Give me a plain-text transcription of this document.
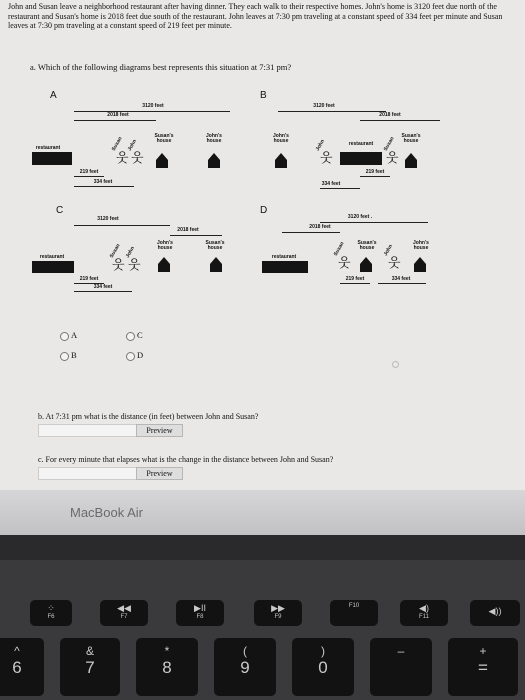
John and Susan leave a neighborhood restaurant after having dinner. They each walk to their respective homes. John's home is 3120 feet due north of the restaurant and Susan's home is 2018 feet due south of the restaurant. John leaves at 7:30 pm traveling at a constant speed of 334 feet per minute and Susan leaves at 7:30 pm traveling at a constant speed of 219 feet per minute.
a. Which of the following diagrams best represents this situation at 7:31 pm?
A
3120 feet
2018 feet
restaurant
Susan's house
John's house
Susan
웃
John
웃
219 feet
334 feet
B
3120 feet
2018 feet
John's house	John
웃
restaurant	Susan
웃
Susan's house
334 feet
219 feet
C
3120 feet
2018 feet
restaurant	Susan
웃
John
웃
John's house
Susan's house
219 feet
334 feet
D
3120 feet .
2018 feet
restaurant	Susan
웃
Susan's house	John
웃
John's house
219 feet	334 feet
A	C
B	D
b. At 7:31 pm what is the distance (in feet) between John and Susan?
Preview
c. For every minute that elapses what is the change in the distance between John and Susan?
Preview
MacBook Air
⁘
F6
◀◀
F7
▶II
F8
▶▶
F9
F10	◀)
F11
◀))
^
6
&
7
*
8
(
9
)
0
–	+
=
